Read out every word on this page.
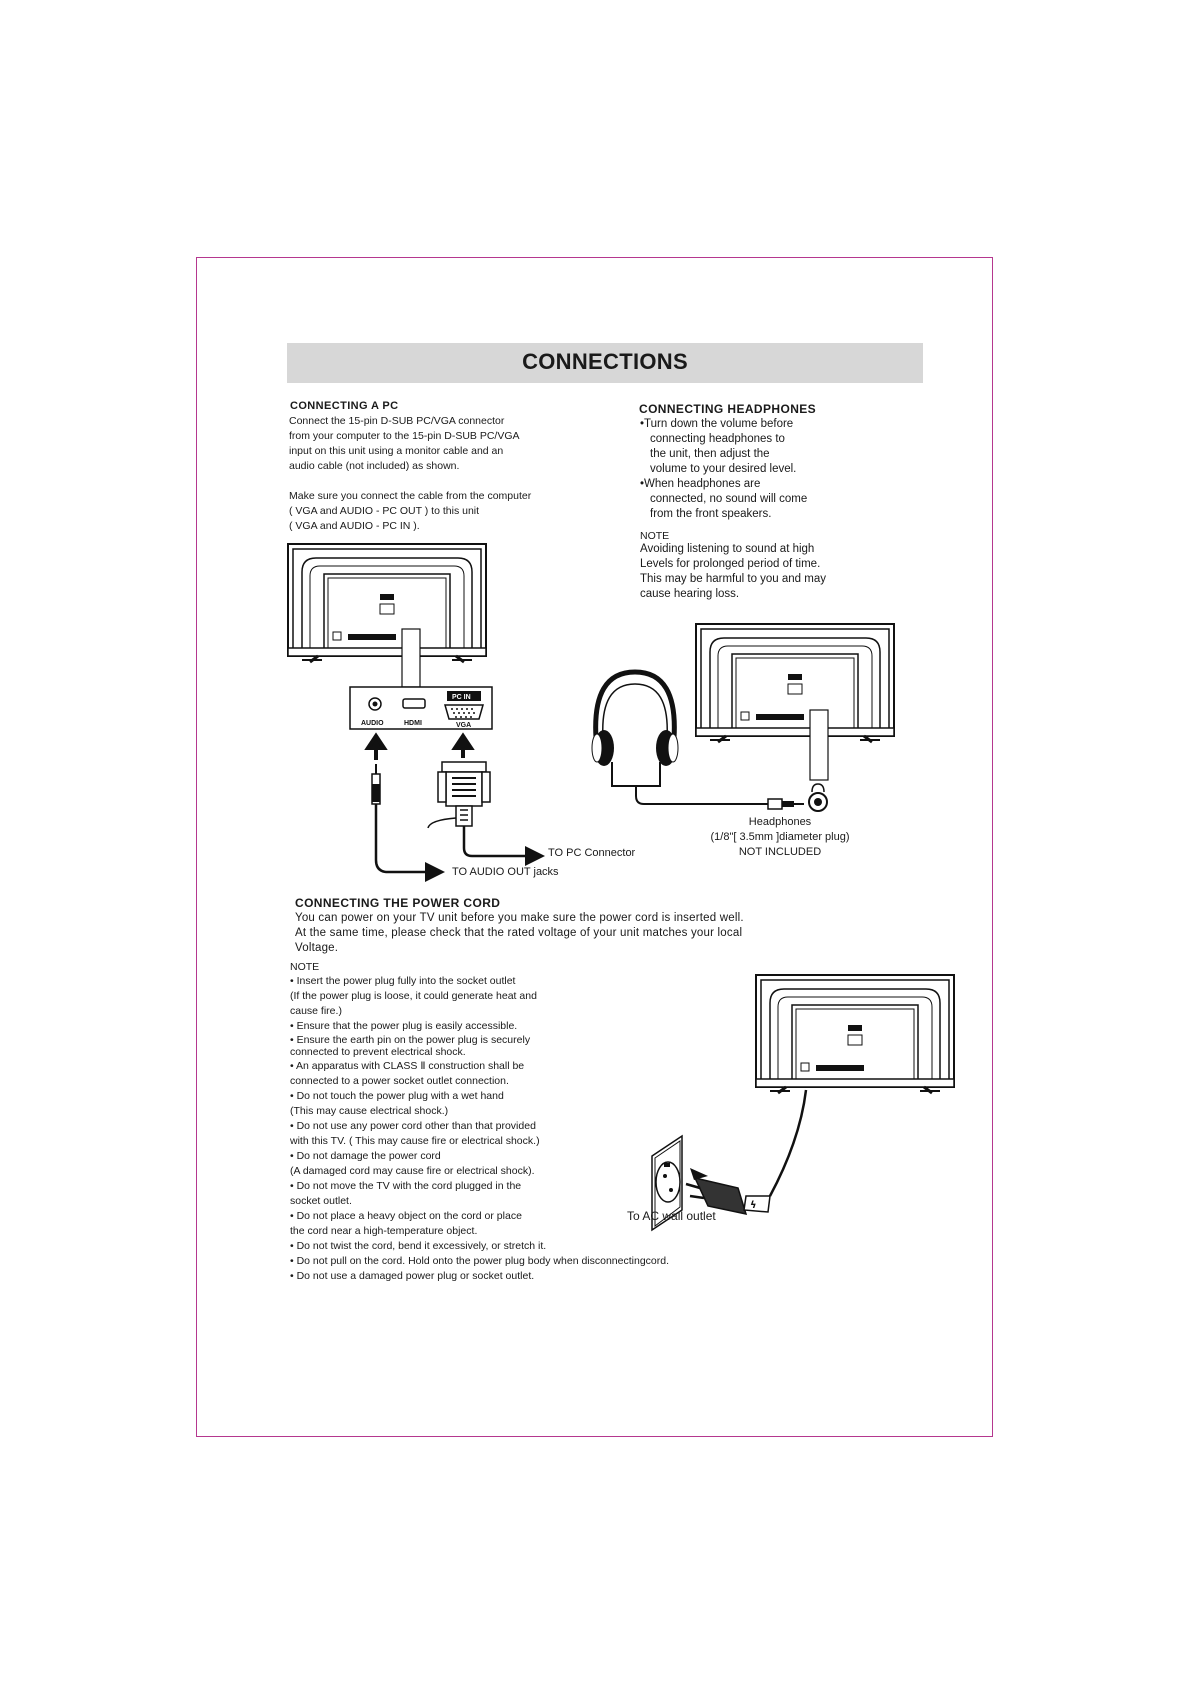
CONNECTIONS
CONNECTING A PC

Connect the 15-pin D-SUB PC/VGA connector

from your computer to the 15-pin D-SUB PC/VGA

input on this unit using a monitor cable and an

audio cable (not included) as shown.

Make sure you connect the cable from the computer

( VGA and AUDIO - PC OUT ) to this unit

( VGA and AUDIO - PC IN ).

CONNECTING HEADPHONES

•Turn down the volume before

connecting headphones to

the unit, then adjust the

volume to your desired level.

•When headphones are

connected, no sound will come

from the front speakers.

NOTE

Avoiding listening to sound at high

Levels for prolonged period of time.

This may be harmful to you and may

cause hearing loss.

AUDIO	HDMI
PC IN
VGA
ϟ
TO PC Connector
TO AUDIO OUT jacks

Headphones

(1/8"[ 3.5mm ]diameter plug)

NOT INCLUDED

CONNECTING THE POWER CORD

You can power on your TV unit before you make sure the power cord is inserted well.

At the same time, please check that the rated voltage of your unit matches your local

Voltage.

NOTE

• Insert the power plug fully into the socket outlet

(If the power plug is loose, it could generate heat and

cause fire.)

• Ensure that the power plug is easily accessible.

• Ensure the earth pin on the power plug is securely

connected to prevent electrical shock.

• An apparatus with CLASS Ⅱ construction shall be

connected to a power socket outlet connection.

• Do not touch the power plug with a wet hand

(This may cause electrical shock.)

• Do not use any power cord other than that provided

with this TV. ( This may cause fire or electrical shock.)

• Do not damage the power cord

(A damaged cord may cause fire or electrical shock).

• Do not move the TV with the cord plugged in the

socket outlet.

• Do not place a heavy object on the cord or place

the cord near a high-temperature object.

• Do not twist the cord, bend it excessively, or stretch it.

• Do not pull on the cord. Hold onto the power plug body when disconnectingcord.

• Do not use a damaged power plug or socket outlet.

To AC wall outlet
